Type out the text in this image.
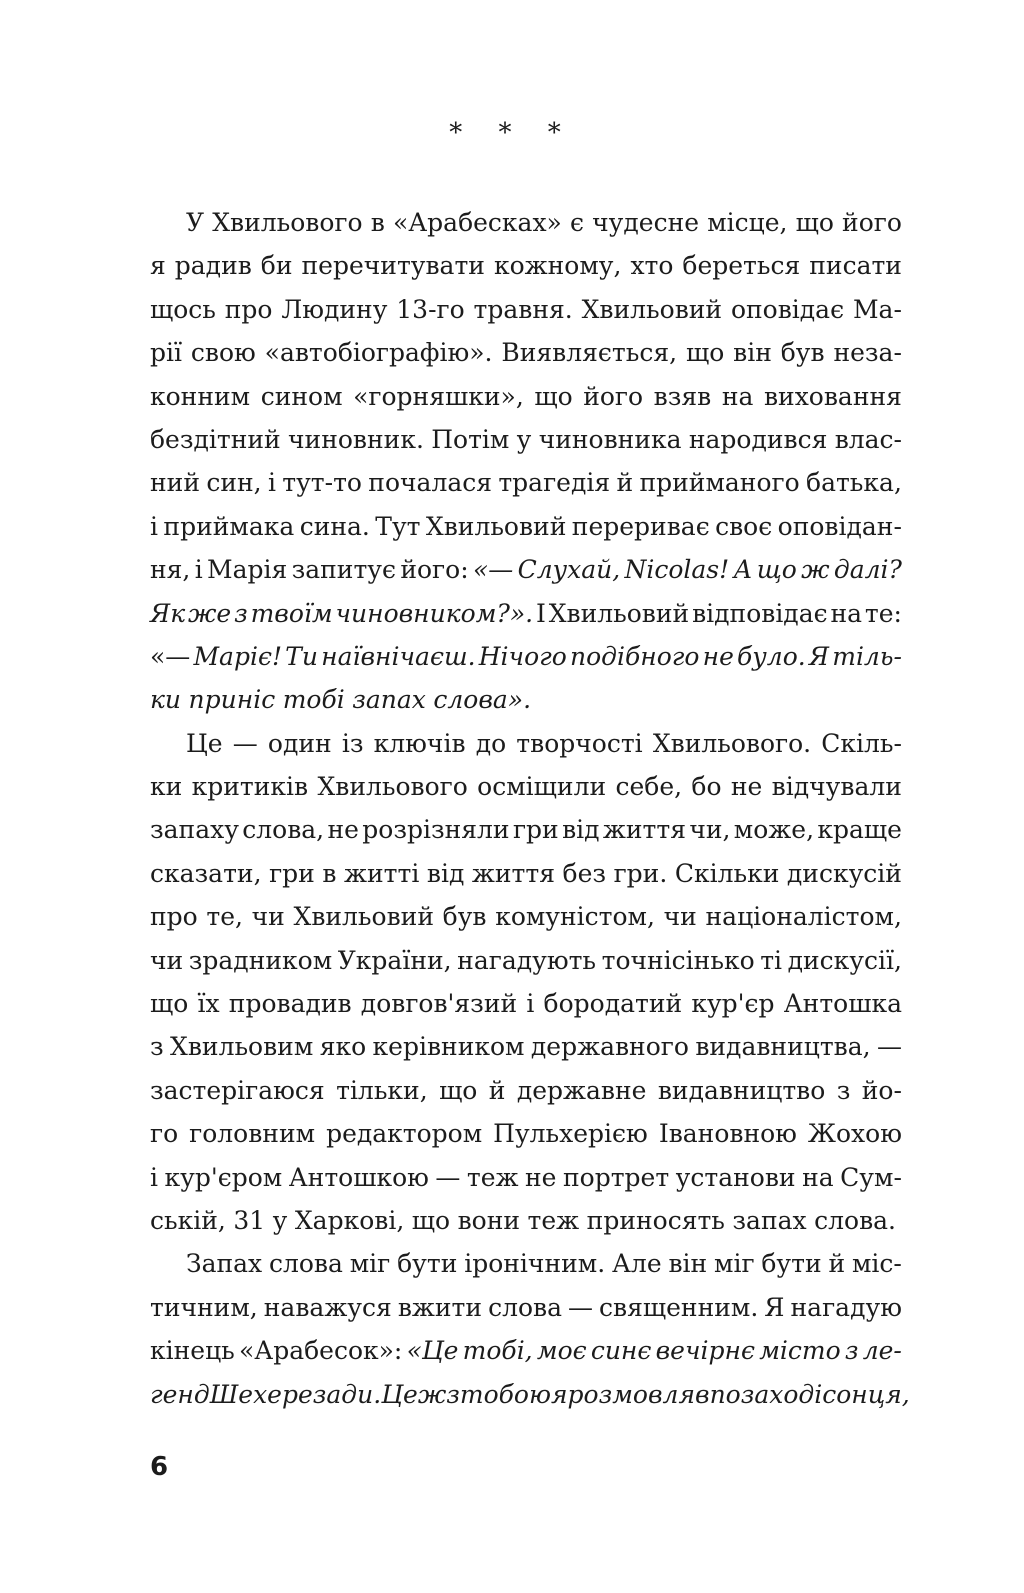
* * *
У Хвильового в «Арабесках» є чудесне місце, що його
я радив би перечитувати кожному, хто береться писати
щось про Людину 13-го травня. Хвильовий оповідає Ма-
рії свою «автобіографію». Виявляється, що він був неза-
конним сином «горняшки», що його взяв на виховання
бездітний чиновник. Потім у чиновника народився влас-
ний син, і тут-то почалася трагедія й прийманого батька,
і приймака сина. Тут Хвильовий перериває своє оповідан-
ня, і Марія запитує його: «— Слухай, Nicolas! А що ж далі?
Як же з твоїм чиновником?». І Хвильовий відповідає на те:
«— Марiє! Ти наївнічаєш. Нічого подібного не було. Я тіль-
ки приніс тобі запах слова».
Це — один із ключів до творчості Хвильового. Скіль-
ки критиків Хвильового осміщили себе, бо не відчували
запаху слова, не розрізняли гри від життя чи, може, краще
сказати, гри в житті від життя без гри. Скільки дискусій
про те, чи Хвильовий був комуністом, чи націоналістом,
чи зрадником України, нагадують точнісінько ті дискусії,
що їх провадив довгов'язий і бородатий кур'єр Антошка
з Хвильовим яко керівником державного видавництва, —
застерігаюся тільки, що й державне видавництво з йо-
го головним редактором Пульхерією Івановною Жохою
і кур'єром Антошкою — теж не портрет установи на Сум-
ській, 31 у Харкові, що вони теж приносять запах слова.
Запах слова міг бути іронічним. Але він міг бути й міс-
тичним, наважуся вжити слова — священним. Я нагадую
кінець «Арабесок»: «Це тобі, моє синє вечірнє місто з ле-
генд Шехерезади. Це ж з тобою я розмовляв по заході сонця,
6
